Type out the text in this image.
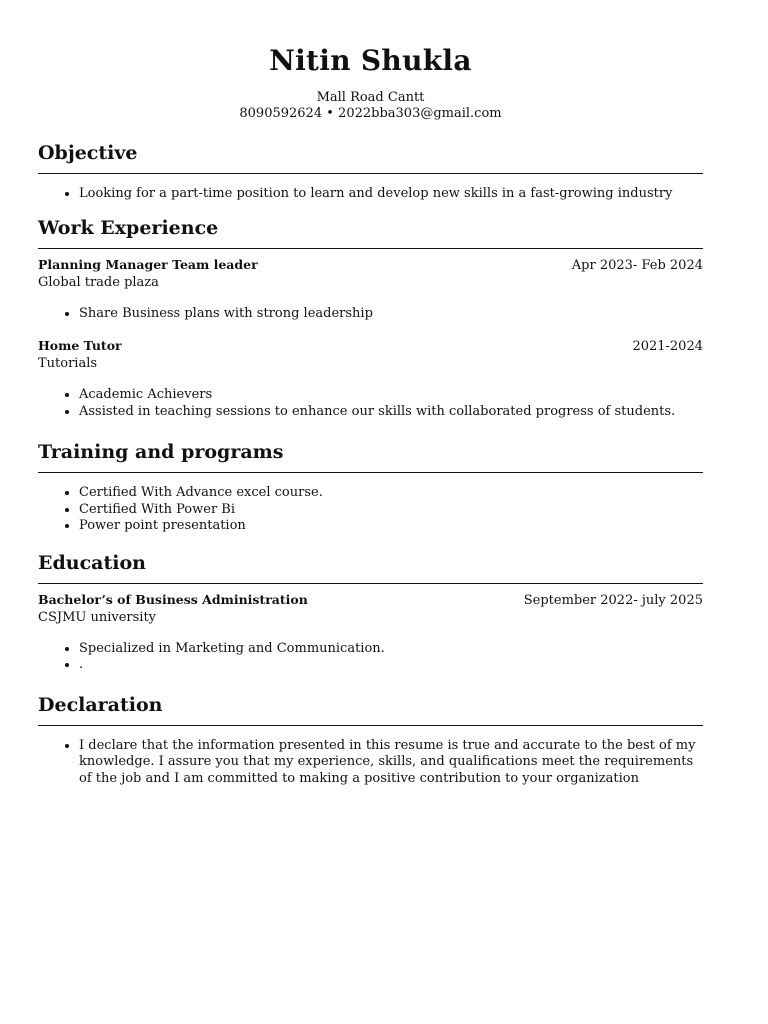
Nitin Shukla

Mall Road Cantt

8090592624 • 2022bba303@gmail.com

Objective
• Looking for a part-time position to learn and develop new skills in a fast-growing industry
Work Experience
Planning Manager Team leader	Apr 2023- Feb 2024
Global trade plaza
• Share Business plans with strong leadership
Home Tutor	2021-2024
Tutorials
• Academic Achievers
• Assisted in teaching sessions to enhance our skills with collaborated progress of students.
Training and programs
• Certified With Advance excel course.
• Certified With Power Bi
• Power point presentation
Education
Bachelor’s of Business Administration	September 2022- july 2025
CSJMU university
• Specialized in Marketing and Communication.
• .
Declaration
• I declare that the information presented in this resume is true and accurate to the best of my knowledge. I assure you that my experience, skills, and qualifications meet the requirements of the job and I am committed to making a positive contribution to your organization
